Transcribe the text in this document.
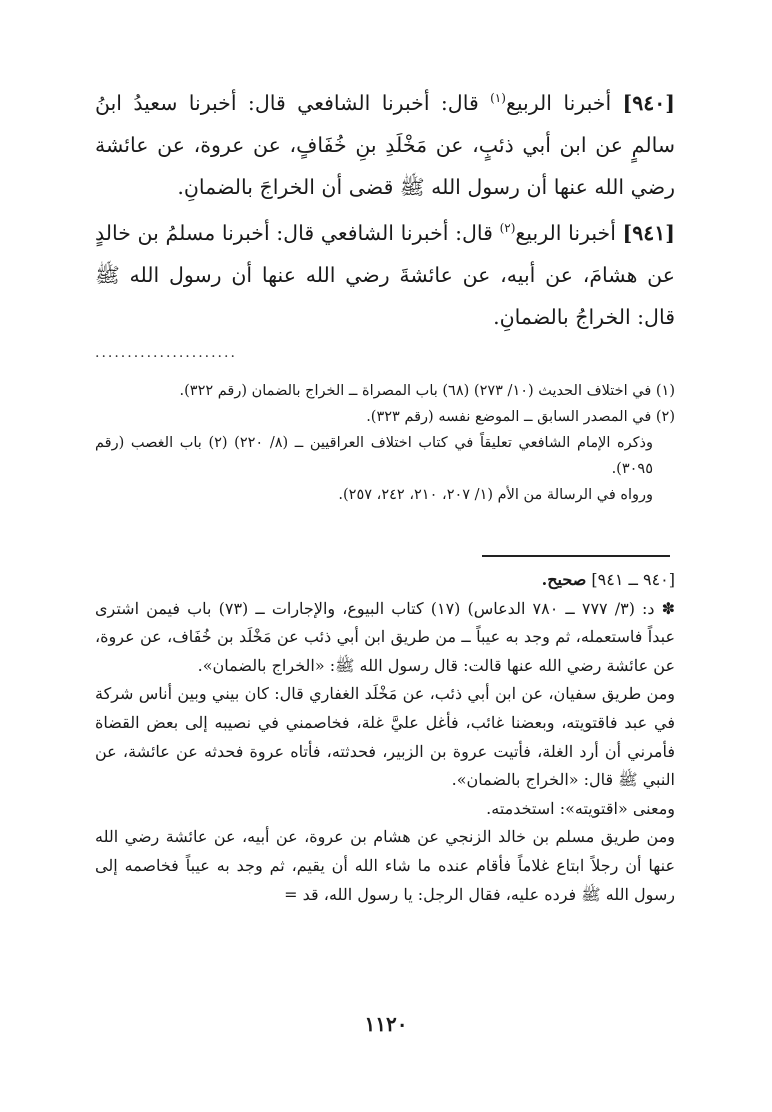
[٩٤٠] أخبرنا الربيع$^{(١)}$ قال: أخبرنا الشافعي قال: أخبرنا سعيدُ ابنُ سالمٍ عن ابن أبي ذئبٍ، عن مَخْلَدِ بنِ خُفَافٍ، عن عروة، عن عائشة رضي الله عنها أن رسول الله ﷺ قضى أن الخراجَ بالضمانِ.

[٩٤١] أخبرنا الربيع$^{(٢)}$ قال: أخبرنا الشافعي قال: أخبرنا مسلمُ بن خالدٍ عن هشامَ، عن أبيه، عن عائشةَ رضي الله عنها أن رسول الله ﷺ قال: الخراجُ بالضمانِ.

......................
(١) في اختلاف الحديث (١٠/ ٢٧٣) (٦٨) باب المصراة ــ الخراج بالضمان (رقم ٣٢٢).
(٢) في المصدر السابق ــ الموضع نفسه (رقم ٣٢٣).
وذكره الإمام الشافعي تعليقاً في كتاب اختلاف العراقيين ــ (٨/ ٢٢٠) (٢) باب الغصب (رقم ٣٠٩٥).
ورواه في الرسالة من الأم (١/ ٢٠٧، ٢١٠، ٢٤٢، ٢٥٧).

[٩٤٠ ــ ٩٤١] صحيح.

✽ د: (٣/ ٧٧٧ ــ ٧٨٠ الدعاس) (١٧) كتاب البيوع، والإجارات ــ (٧٣) باب فيمن اشترى عبداً فاستعمله، ثم وجد به عيباً ــ من طريق ابن أبي ذئب عن مَخْلَد بن خُفَاف، عن عروة، عن عائشة رضي الله عنها قالت: قال رسول الله ﷺ: «الخراج بالضمان».

ومن طريق سفيان، عن ابن أبي ذئب، عن مَخْلَد الغفاري قال: كان بيني وبين أناس شركة في عبد فاقتويته، وبعضنا غائب، فأغل عليَّ غلة، فخاصمني في نصيبه إلى بعض القضاة فأمرني أن أرد الغلة، فأتيت عروة بن الزبير، فحدثته، فأتاه عروة فحدثه عن عائشة، عن النبي ﷺ قال: «الخراج بالضمان».

ومعنى «اقتويته»: استخدمته.

ومن طريق مسلم بن خالد الزنجي عن هشام بن عروة، عن أبيه، عن عائشة رضي الله عنها أن رجلاً ابتاع غلاماً فأقام عنده ما شاء الله أن يقيم، ثم وجد به عيباً فخاصمه إلى رسول الله ﷺ فرده عليه، فقال الرجل: يا رسول الله، قد =

١١٢٠
